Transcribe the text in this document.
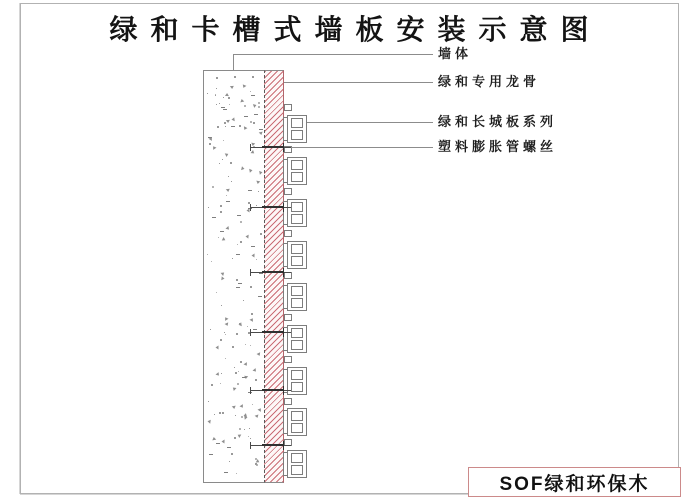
绿和卡槽式墙板安装示意图
墙体
绿和专用龙骨
绿和长城板系列
塑料膨胀管螺丝
SOF绿和环保木
